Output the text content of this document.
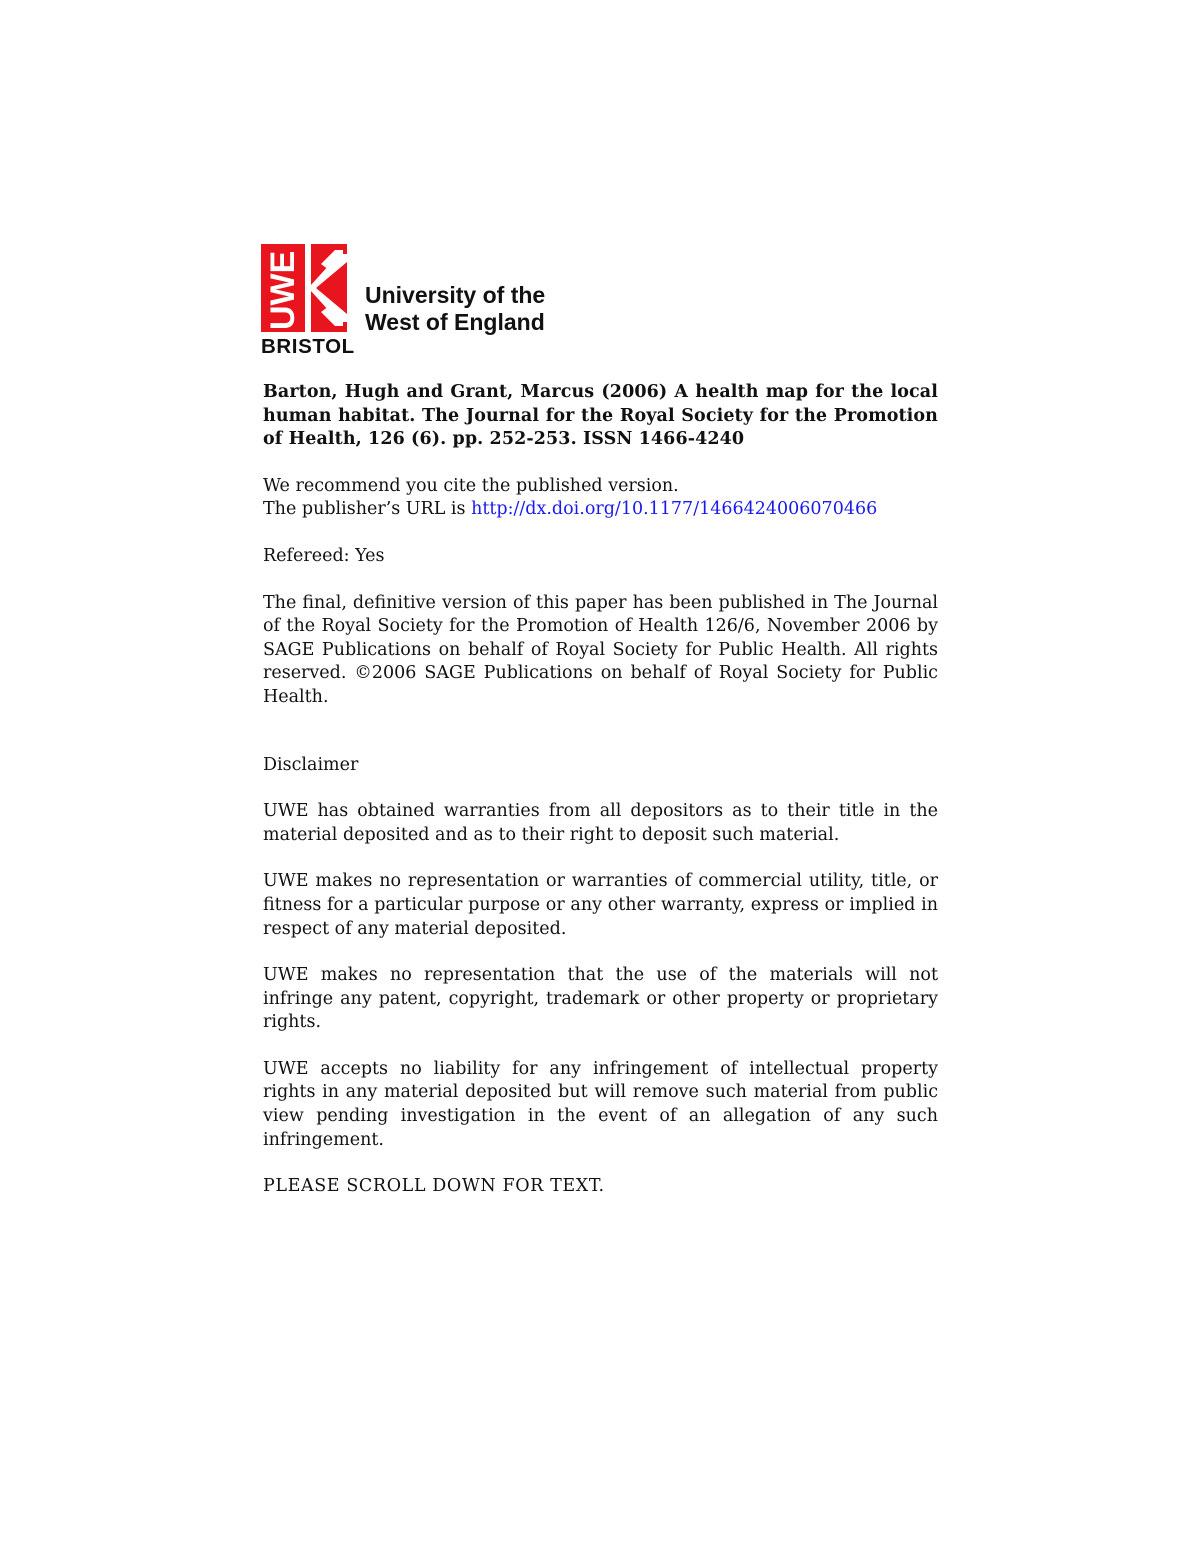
UWE
BRISTOL
University of the
West of England

Barton, Hugh and Grant, Marcus (2006) A health map for the local human habitat. The Journal for the Royal Society for the Promotion of Health, 126 (6). pp. 252-253. ISSN 1466-4240

We recommend you cite the published version.
The publisher’s URL is http://dx.doi.org/10.1177/1466424006070466

Refereed: Yes

The final, definitive version of this paper has been published in The Journal of the Royal Society for the Promotion of Health 126/6, November 2006 by SAGE Publications on behalf of Royal Society for Public Health. All rights reserved. ©2006 SAGE Publications on behalf of Royal Society for Public Health.

Disclaimer

UWE has obtained warranties from all depositors as to their title in the material deposited and as to their right to deposit such material.

UWE makes no representation or warranties of commercial utility, title, or fitness for a particular purpose or any other warranty, express or implied in respect of any material deposited.

UWE makes no representation that the use of the materials will not infringe any patent, copyright, trademark or other property or proprietary rights.

UWE accepts no liability for any infringement of intellectual property rights in any material deposited but will remove such material from public view pending investigation in the event of an allegation of any such infringement.

PLEASE SCROLL DOWN FOR TEXT.
